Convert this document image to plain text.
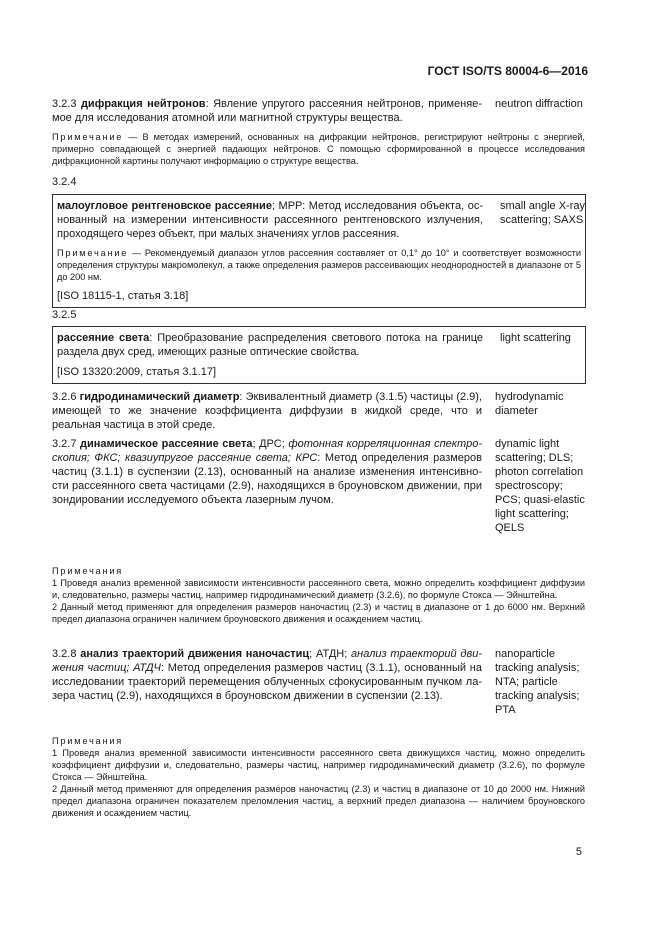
ГОСТ ISO/TS 80004-6—2016
3.2.3 дифракция нейтронов: Явление упругого рассеяния нейтронов, применяемое для исследования атомной или магнитной структуры вещества.
neutron diffraction
Примечание — В методах измерений, основанных на дифракции нейтронов, регистрируют нейтроны с энергией, примерно совпадающей с энергией падающих нейтронов. С помощью сформированной в процессе исследования дифракционной картины получают информацию о структуре вещества.
3.2.4
малоугловое рентгеновское рассеяние; МРР: Метод исследования объекта, основанный на измерении интенсивности рассеянного рентгеновского излучения, проходящего через объект, при малых значениях углов рассеяния.
small angle X-ray scattering; SAXS
Примечание — Рекомендуемый диапазон углов рассеяния составляет от 0,1° до 10° и соответствует возможности определения структуры макромолекул, а также определения размеров рассеивающих неоднородностей в диапазоне от 5 до 200 нм.
[ISO 18115-1, статья 3.18]
3.2.5
рассеяние света: Преобразование распределения светового потока на границе раздела двух сред, имеющих разные оптические свойства.
light scattering
[ISO 13320:2009, статья 3.1.17]
3.2.6 гидродинамический диаметр: Эквивалентный диаметр (3.1.5) частицы (2.9), имеющей то же значение коэффициента диффузии в жидкой среде, что и реальная частица в этой среде.
hydrodynamic diameter
3.2.7 динамическое рассеяние света; ДРС; фотонная корреляционная спектроскопия; ФКС; квазиупругое рассеяние света; КРС: Метод определения размеров частиц (3.1.1) в суспензии (2.13), основанный на анализе изменения интенсивности рассеянного света частицами (2.9), находящихся в броуновском движении, при зондировании исследуемого объекта лазерным лучом.
dynamic light scattering; DLS; photon correlation spectroscopy; PCS; quasi-elastic light scattering; QELS
Примечания
1 Проведя анализ временной зависимости интенсивности рассеянного света, можно определить коэффициент диффузии и, следовательно, размеры частиц, например гидродинамический диаметр (3.2.6), по формуле Стокса — Эйнштейна.
2 Данный метод применяют для определения размеров наночастиц (2.3) и частиц в диапазоне от 1 до 6000 нм. Верхний предел диапазона ограничен наличием броуновского движения и осаждением частиц.
3.2.8 анализ траекторий движения наночастиц; АТДН; анализ траекторий движения частиц; АТДЧ: Метод определения размеров частиц (3.1.1), основанный на исследовании траекторий перемещения облученных сфокусированным пучком лазера частиц (2.9), находящихся в броуновском движении в суспензии (2.13).
nanoparticle tracking analysis; NTA; particle tracking analysis; PTA
Примечания
1 Проведя анализ временной зависимости интенсивности рассеянного света движущихся частиц, можно определить коэффициент диффузии и, следовательно, размеры частиц, например гидродинамический диаметр (3.2.6), по формуле Стокса — Эйнштейна.
2 Данный метод применяют для определения размеров наночастиц (2.3) и частиц в диапазоне от 10 до 2000 нм. Нижний предел диапазона ограничен показателем преломления частиц, а верхний предел диапазона — наличием броуновского движения и осаждением частиц.
5
